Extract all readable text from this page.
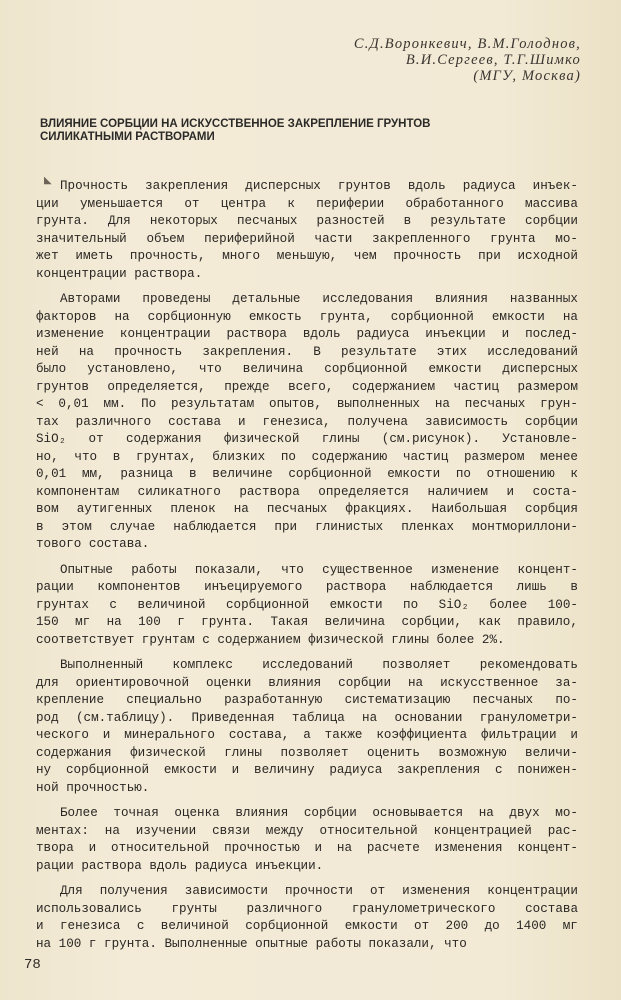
С.Д.Воронкевич, В.М.Голоднов,
В.И.Сергеев, Т.Г.Шимко
(МГУ, Москва)
ВЛИЯНИЕ СОРБЦИИ НА ИСКУССТВЕННОЕ ЗАКРЕПЛЕНИЕ ГРУНТОВ
СИЛИКАТНЫМИ РАСТВОРАМИ
◣ Прочность закрепления дисперсных грунтов вдоль радиуса инъек-
ции уменьшается от центра к периферии обработанного массива
грунта. Для некоторых песчаных разностей в результате сорбции
значительный объем периферийной части закрепленного грунта мо-
жет иметь прочность, много меньшую, чем прочность при исходной
концентрации раствора.
Авторами проведены детальные исследования влияния названных
факторов на сорбционную емкость грунта, сорбционной емкости на
изменение концентрации раствора вдоль радиуса инъекции и послед-
ней на прочность закрепления. В результате этих исследований
было установлено, что величина сорбционной емкости дисперсных
грунтов определяется, прежде всего, содержанием частиц размером
< 0,01 мм. По результатам опытов, выполненных на песчаных грун-
тах различного состава и генезиса, получена зависимость сорбции
SiO₂ от содержания физической глины (см.рисунок). Установле-
но, что в грунтах, близких по содержанию частиц размером менее
0,01 мм, разница в величине сорбционной емкости по отношению к
компонентам силикатного раствора определяется наличием и соста-
вом аутигенных пленок на песчаных фракциях. Наибольшая сорбция
в этом случае наблюдается при глинистых пленках монтмориллони-
тового состава.
Опытные работы показали, что существенное изменение концент-
рации компонентов инъецируемого раствора наблюдается лишь в
грунтах с величиной сорбционной емкости по SiO₂ более 100-
150 мг на 100 г грунта. Такая величина сорбции, как правило,
соответствует грунтам с содержанием физической глины более 2%.
Выполненный комплекс исследований позволяет рекомендовать
для ориентировочной оценки влияния сорбции на искусственное за-
крепление специально разработанную систематизацию песчаных по-
род (см.таблицу). Приведенная таблица на основании гранулометри-
ческого и минерального состава, а также коэффициента фильтрации и
содержания физической глины позволяет оценить возможную величи-
ну сорбционной емкости и величину радиуса закрепления с понижен-
ной прочностью.
Более точная оценка влияния сорбции основывается на двух мо-
ментах: на изучении связи между относительной концентрацией рас-
твора и относительной прочностью и на расчете изменения концент-
рации раствора вдоль радиуса инъекции.
Для получения зависимости прочности от изменения концентрации
использовались грунты различного гранулометрического состава
и генезиса с величиной сорбционной емкости от 200 до 1400 мг
на 100 г грунта. Выполненные опытные работы показали, что
78
